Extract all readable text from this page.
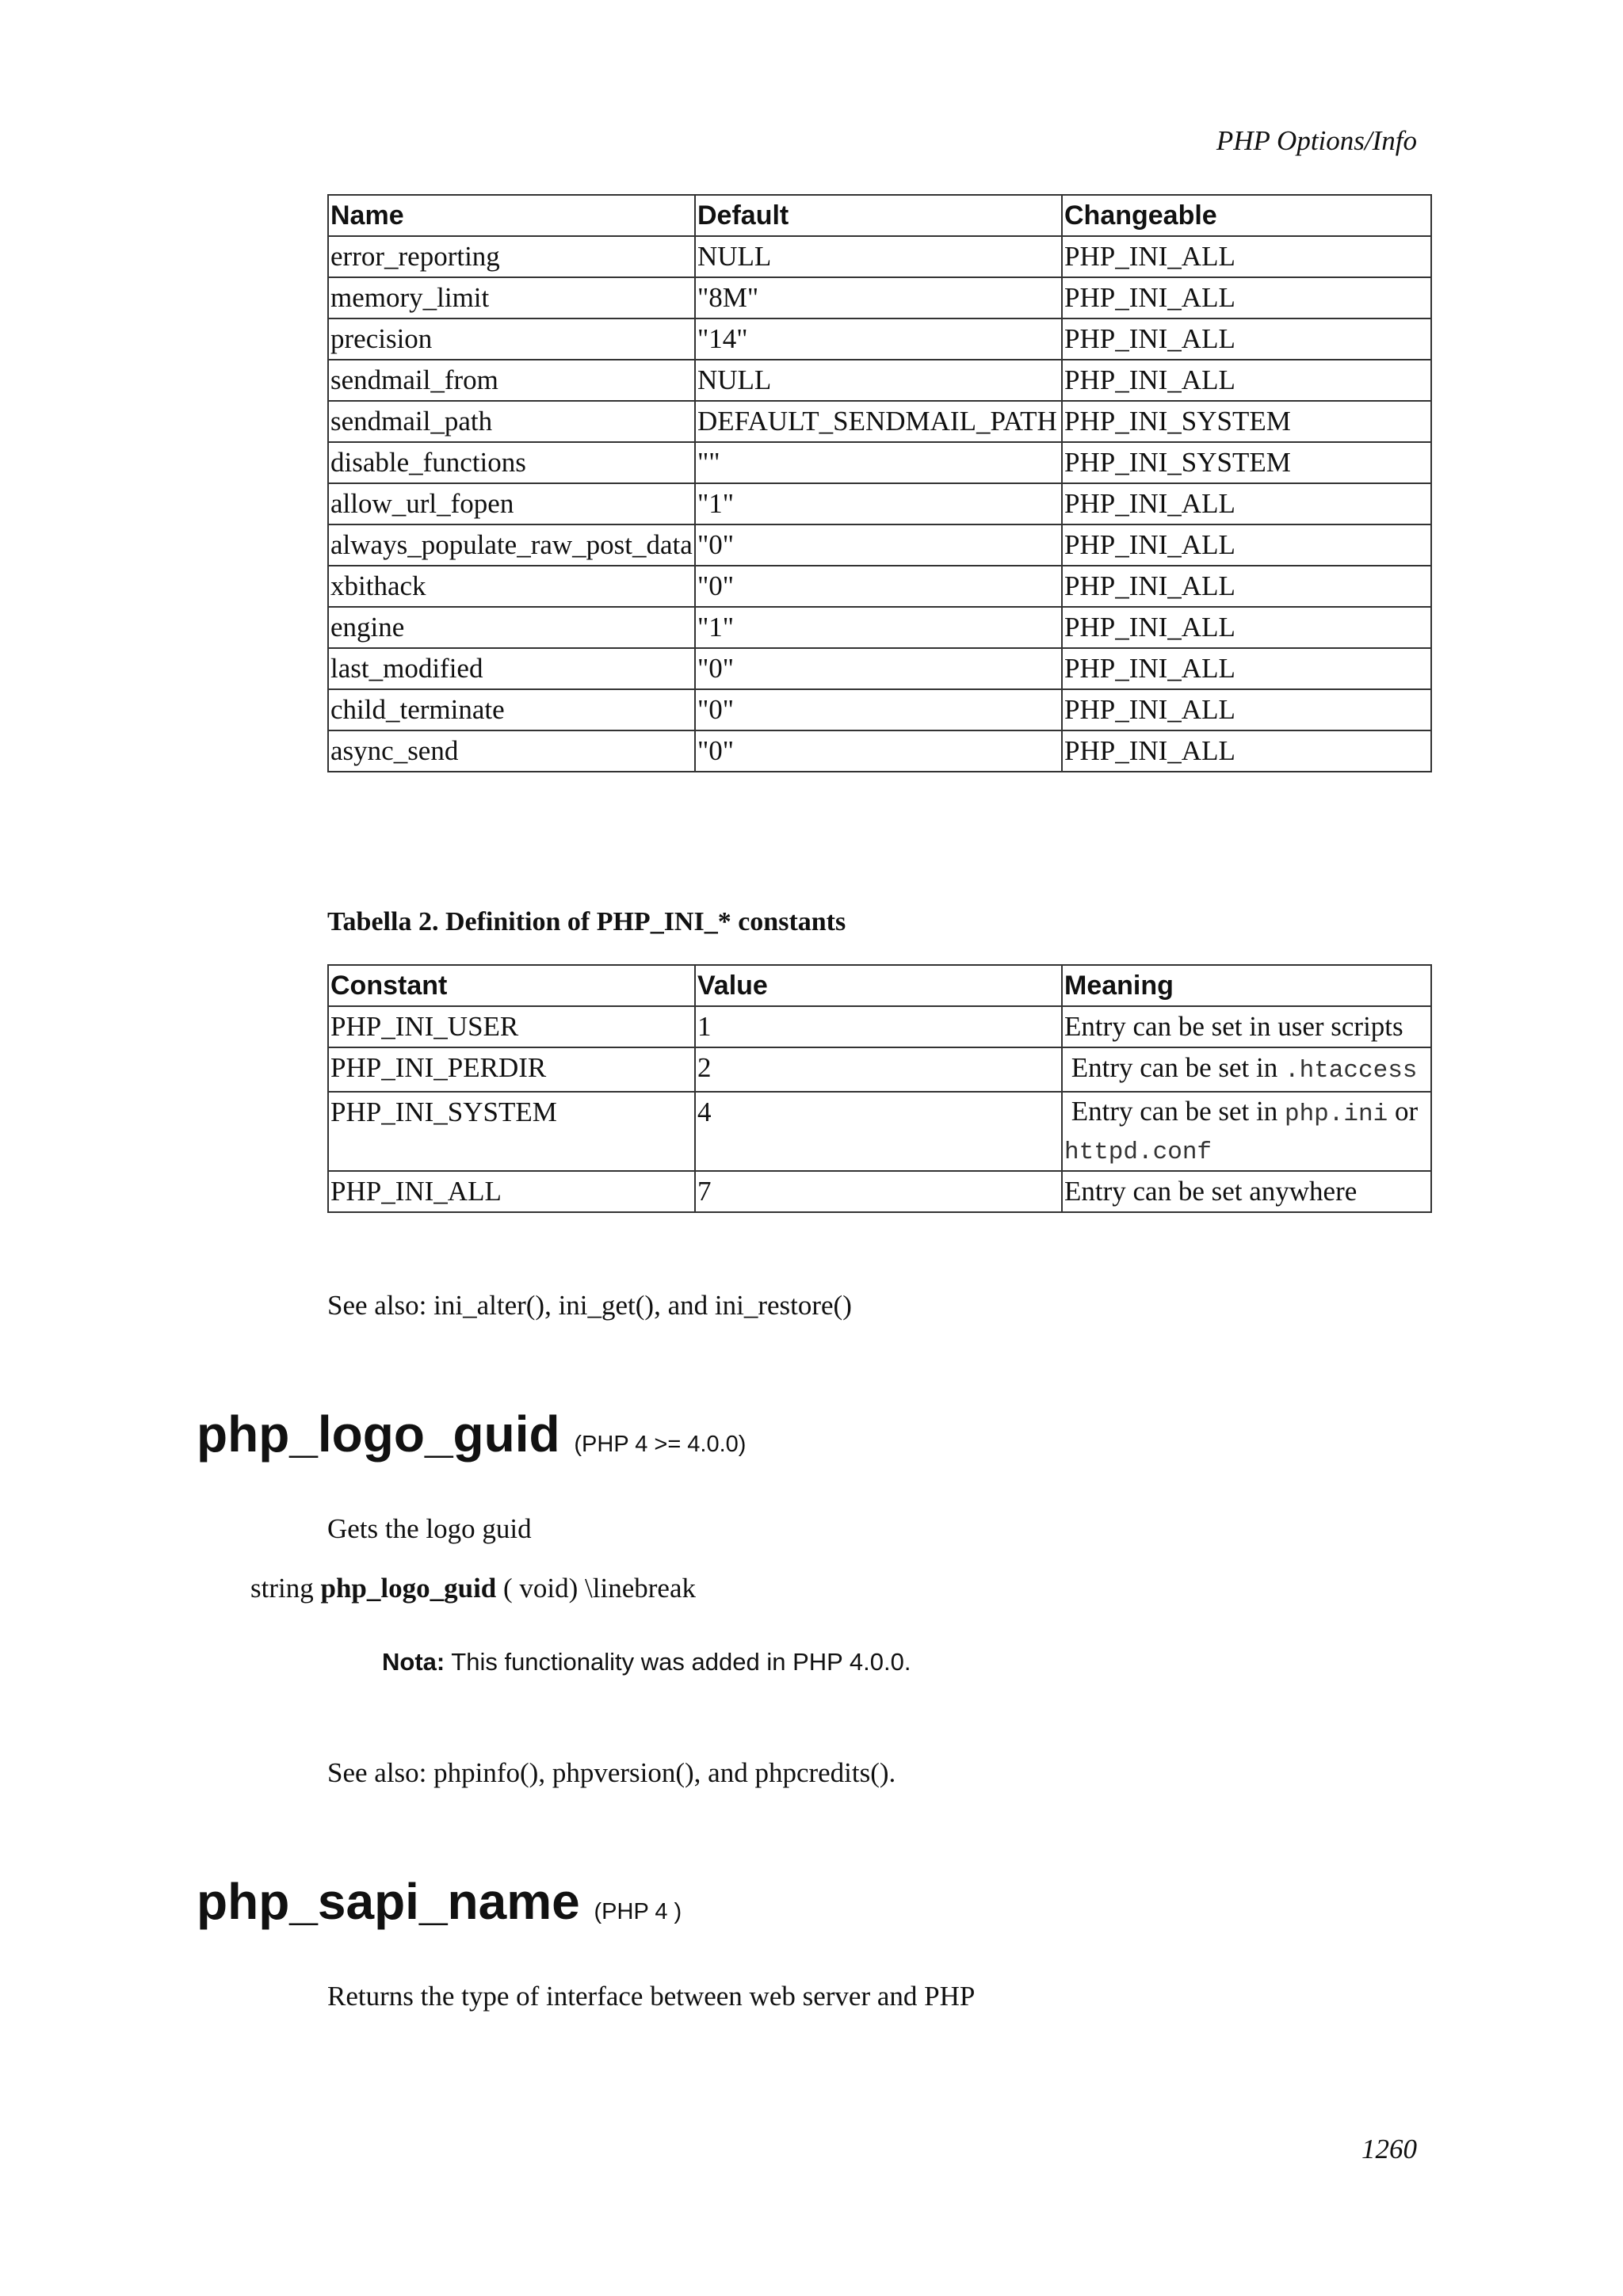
PHP Options/Info
Name	Default	Changeable
error_reporting	NULL	PHP_INI_ALL
memory_limit	"8M"	PHP_INI_ALL
precision	"14"	PHP_INI_ALL
sendmail_from	NULL	PHP_INI_ALL
sendmail_path	DEFAULT_SENDMAIL_PATH	PHP_INI_SYSTEM
disable_functions	""	PHP_INI_SYSTEM
allow_url_fopen	"1"	PHP_INI_ALL
always_populate_raw_post_data	"0"	PHP_INI_ALL
xbithack	"0"	PHP_INI_ALL
engine	"1"	PHP_INI_ALL
last_modified	"0"	PHP_INI_ALL
child_terminate	"0"	PHP_INI_ALL
async_send	"0"	PHP_INI_ALL
Tabella 2. Definition of PHP_INI_* constants
Constant	Value	Meaning
PHP_INI_USER	1	Entry can be set in user scripts
PHP_INI_PERDIR	2	Entry can be set in .htaccess
PHP_INI_SYSTEM	4	Entry can be set in php.ini or
httpd.conf
PHP_INI_ALL	7	Entry can be set anywhere
See also: ini_alter(), ini_get(), and ini_restore()
php_logo_guid (PHP 4 >= 4.0.0)
Gets the logo guid
string php_logo_guid ( void) \linebreak
Nota: This functionality was added in PHP 4.0.0.
See also: phpinfo(), phpversion(), and phpcredits().
php_sapi_name (PHP 4 )
Returns the type of interface between web server and PHP
1260
